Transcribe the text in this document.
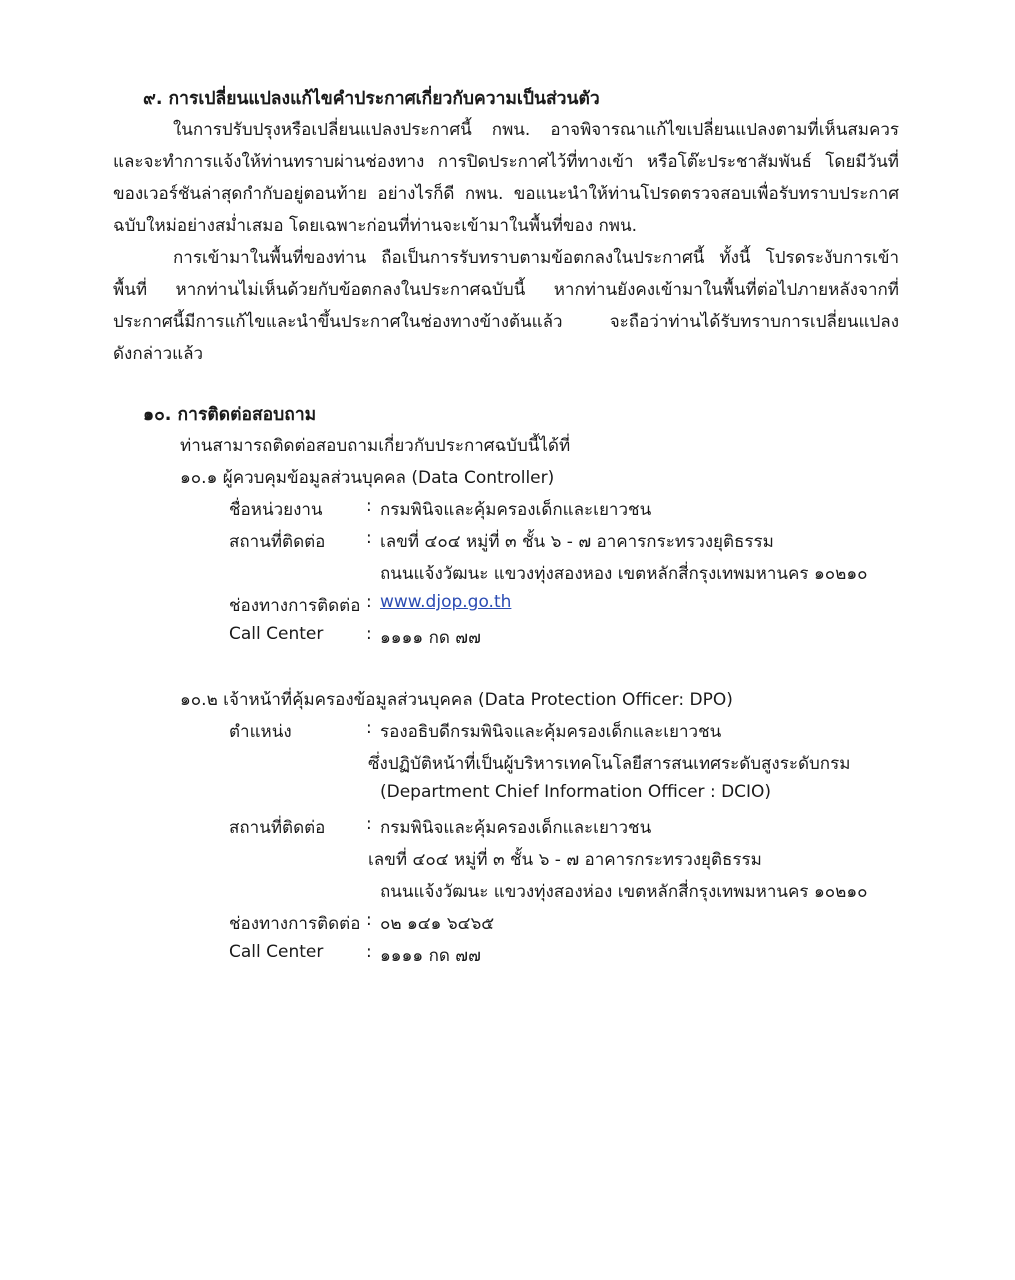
๙. การเปลี่ยนแปลงแก้ไขคำประกาศเกี่ยวกับความเป็นส่วนตัว
ในการปรับปรุงหรือเปลี่ยนแปลงประกาศนี้ กพน. อาจพิจารณาแก้ไขเปลี่ยนแปลงตามที่เห็นสมควร
และจะทำการแจ้งให้ท่านทราบผ่านช่องทาง การปิดประกาศไว้ที่ทางเข้า หรือโต๊ะประชาสัมพันธ์ โดยมีวันที่
ของเวอร์ชันล่าสุดกำกับอยู่ตอนท้าย อย่างไรก็ดี กพน. ขอแนะนำให้ท่านโปรดตรวจสอบเพื่อรับทราบประกาศ
ฉบับใหม่อย่างสม่ำเสมอ โดยเฉพาะก่อนที่ท่านจะเข้ามาในพื้นที่ของ กพน.
การเข้ามาในพื้นที่ของท่าน ถือเป็นการรับทราบตามข้อตกลงในประกาศนี้ ทั้งนี้ โปรดระงับการเข้า
พื้นที่ หากท่านไม่เห็นด้วยกับข้อตกลงในประกาศฉบับนี้ หากท่านยังคงเข้ามาในพื้นที่ต่อไปภายหลังจากที่
ประกาศนี้มีการแก้ไขและนำขึ้นประกาศในช่องทางข้างต้นแล้ว จะถือว่าท่านได้รับทราบการเปลี่ยนแปลง
ดังกล่าวแล้ว
๑๐. การติดต่อสอบถาม
ท่านสามารถติดต่อสอบถามเกี่ยวกับประกาศฉบับนี้ได้ที่
๑๐.๑ ผู้ควบคุมข้อมูลส่วนบุคคล (Data Controller)
ชื่อหน่วยงาน	: กรมพินิจและคุ้มครองเด็กและเยาวชน
สถานที่ติดต่อ : เลขที่ ๔๐๔ หมู่ที่ ๓ ชั้น ๖ - ๗ อาคารกระทรวงยุติธรรม
ถนนแจ้งวัฒนะ แขวงทุ่งสองหอง เขตหลักสี่กรุงเทพมหานคร ๑๐๒๑๐
ช่องทางการติดต่อ : www.djop.go.th
Call Center	: ๑๑๑๑ กด ๗๗
๑๐.๒ เจ้าหน้าที่คุ้มครองข้อมูลส่วนบุคคล (Data Protection Officer: DPO)
ตำแหน่ง	: รองอธิบดีกรมพินิจและคุ้มครองเด็กและเยาวชน
ซึ่งปฏิบัติหน้าที่เป็นผู้บริหารเทคโนโลยีสารสนเทศระดับสูงระดับกรม
(Department Chief Information Officer : DCIO)
สถานที่ติดต่อ : กรมพินิจและคุ้มครองเด็กและเยาวชน
เลขที่ ๔๐๔ หมู่ที่ ๓ ชั้น ๖ - ๗ อาคารกระทรวงยุติธรรม
ถนนแจ้งวัฒนะ แขวงทุ่งสองห่อง เขตหลักสี่กรุงเทพมหานคร ๑๐๒๑๐
ช่องทางการติดต่อ : ๐๒ ๑๔๑ ๖๔๖๕
Call Center	: ๑๑๑๑ กด ๗๗
